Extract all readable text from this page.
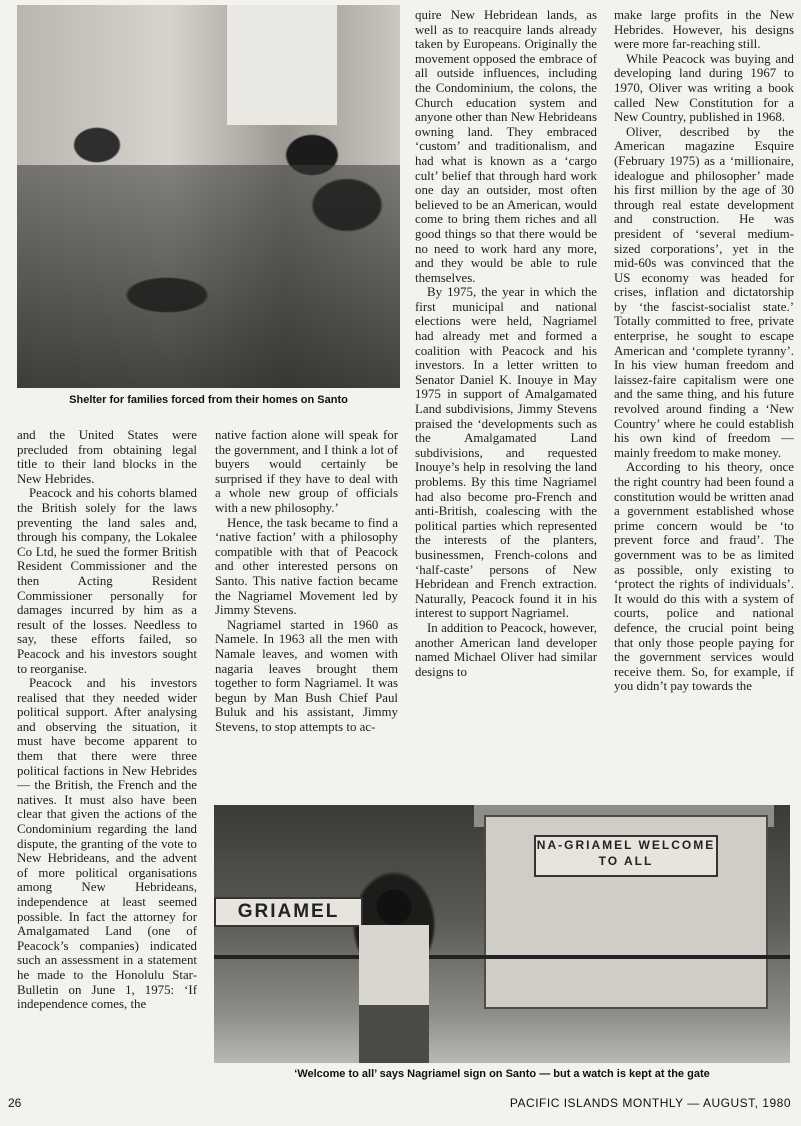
Shelter for families forced from their homes on Santo

NA-GRIAMEL WELCOME TO ALL
GRIAMEL

‘Welcome to all’ says Nagriamel sign on Santo — but a watch is kept at the gate

and the United States were precluded from obtaining legal title to their land blocks in the New Hebrides.

Peacock and his cohorts blamed the British solely for the laws preventing the land sales and, through his company, the Lokalee Co Ltd, he sued the former British Resident Commissioner and the then Acting Resident Commissioner personally for damages incurred by him as a result of the losses. Needless to say, these efforts failed, so Peacock and his investors sought to reorganise.

Peacock and his investors realised that they needed wider political support. After analysing and observing the situation, it must have become apparent to them that there were three political factions in New Hebrides — the British, the French and the natives. It must also have been clear that given the actions of the Condominium regarding the land dispute, the granting of the vote to New Hebrideans, and the advent of more political organisations among New Hebrideans, independence at least seemed possible. In fact the attorney for Amalgamated Land (one of Peacock’s companies) indicated such an assessment in a statement he made to the Honolulu Star-Bulletin on June 1, 1975: ‘If independence comes, the

native faction alone will speak for the government, and I think a lot of buyers would certainly be surprised if they have to deal with a whole new group of officials with a new philosophy.’

Hence, the task became to find a ‘native faction’ with a philosophy compatible with that of Peacock and other interested persons on Santo. This native faction became the Nagriamel Movement led by Jimmy Stevens.

Nagriamel started in 1960 as Namele. In 1963 all the men with Namale leaves, and women with nagaria leaves brought them together to form Nagriamel. It was begun by Man Bush Chief Paul Buluk and his assistant, Jimmy Stevens, to stop attempts to ac-

quire New Hebridean lands, as well as to reacquire lands already taken by Europeans. Originally the movement opposed the embrace of all outside influences, including the Condominium, the colons, the Church education system and anyone other than New Hebrideans owning land. They embraced ‘custom’ and traditionalism, and had what is known as a ‘cargo cult’ belief that through hard work one day an outsider, most often believed to be an American, would come to bring them riches and all good things so that there would be no need to work hard any more, and they would be able to rule themselves.

By 1975, the year in which the first municipal and national elections were held, Nagriamel had already met and formed a coalition with Peacock and his investors. In a letter written to Senator Daniel K. Inouye in May 1975 in support of Amalgamated Land subdivisions, Jimmy Stevens praised the ‘developments such as the Amalgamated Land subdivisions, and requested Inouye’s help in resolving the land problems. By this time Nagriamel had also become pro-French and anti-British, coalescing with the political parties which represented the interests of the planters, businessmen, French-colons and ‘half-caste’ persons of New Hebridean and French extraction. Naturally, Peacock found it in his interest to support Nagriamel.

In addition to Peacock, however, another American land developer named Michael Oliver had similar designs to

make large profits in the New Hebrides. However, his designs were more far-reaching still.

While Peacock was buying and developing land during 1967 to 1970, Oliver was writing a book called New Constitution for a New Country, published in 1968.

Oliver, described by the American magazine Esquire (February 1975) as a ‘millionaire, idealogue and philosopher’ made his first million by the age of 30 through real estate development and construction. He was president of ‘several medium-sized corporations’, yet in the mid-60s was convinced that the US economy was headed for crises, inflation and dictatorship by ‘the fascist-socialist state.’ Totally committed to free, private enterprise, he sought to escape American and ‘complete tyranny’. In his view human freedom and laissez-faire capitalism were one and the same thing, and his future revolved around finding a ‘New Country’ where he could establish his own kind of freedom — mainly freedom to make money.

According to his theory, once the right country had been found a constitution would be written anad a government established whose prime concern would be ‘to prevent force and fraud’. The government was to be as limited as possible, only existing to ‘protect the rights of individuals’. It would do this with a system of courts, police and national defence, the crucial point being that only those people paying for the government services would receive them. So, for example, if you didn’t pay towards the

26	PACIFIC ISLANDS MONTHLY — AUGUST, 1980
